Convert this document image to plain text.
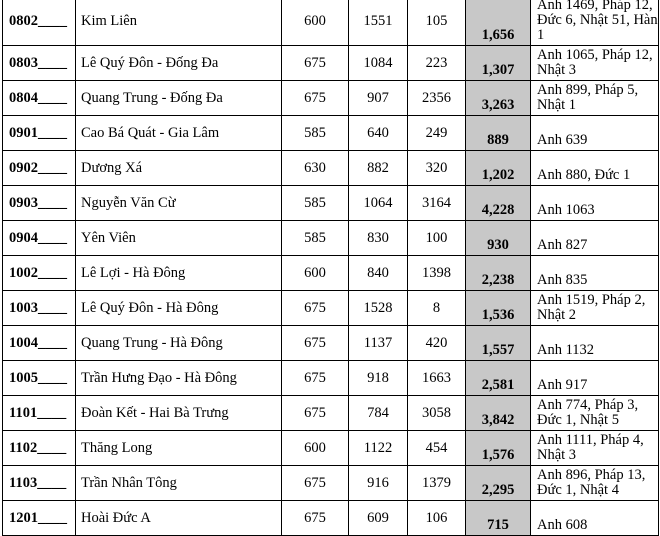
0802____	Kim Liên	600	1551	105	1,656	Anh 1469, Pháp 12, Đức 6, Nhật 51, Hàn 1
0803____	Lê Quý Đôn - Đống Đa	675	1084	223	1,307	Anh 1065, Pháp 12, Nhật 3
0804____	Quang Trung - Đống Đa	675	907	2356	3,263	Anh 899, Pháp 5, Nhật 1
0901____	Cao Bá Quát - Gia Lâm	585	640	249	889	Anh 639
0902____	Dương Xá	630	882	320	1,202	Anh 880, Đức 1
0903____	Nguyễn Văn Cừ	585	1064	3164	4,228	Anh 1063
0904____	Yên Viên	585	830	100	930	Anh 827
1002____	Lê Lợi - Hà Đông	600	840	1398	2,238	Anh 835
1003____	Lê Quý Đôn - Hà Đông	675	1528	8	1,536	Anh 1519, Pháp 2, Nhật 2
1004____	Quang Trung - Hà Đông	675	1137	420	1,557	Anh 1132
1005____	Trần Hưng Đạo - Hà Đông	675	918	1663	2,581	Anh 917
1101____	Đoàn Kết - Hai Bà Trưng	675	784	3058	3,842	Anh 774, Pháp 3, Đức 1, Nhật 5
1102____	Thăng Long	600	1122	454	1,576	Anh 1111, Pháp 4, Nhật 3
1103____	Trần Nhân Tông	675	916	1379	2,295	Anh 896, Pháp 13, Đức 1, Nhật 4
1201____	Hoài Đức A	675	609	106	715	Anh 608
